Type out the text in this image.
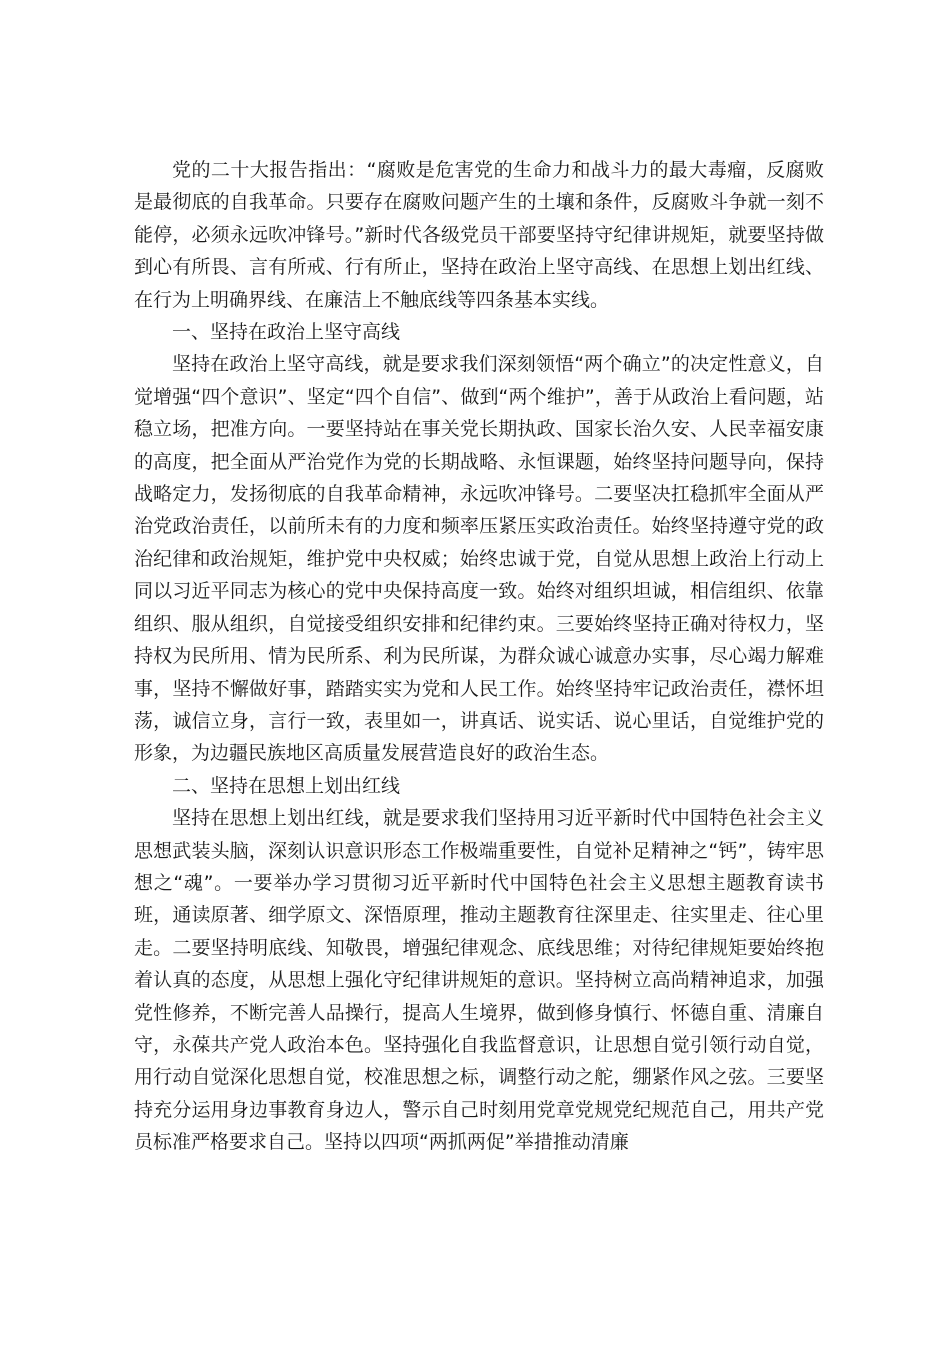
党的二十大报告指出：“腐败是危害党的生命力和战斗力的最大毒瘤，反腐败是最彻底的自我革命。只要存在腐败问题产生的土壤和条件，反腐败斗争就一刻不能停，必须永远吹冲锋号。”新时代各级党员干部要坚持守纪律讲规矩，就要坚持做到心有所畏、言有所戒、行有所止，坚持在政治上坚守高线、在思想上划出红线、在行为上明确界线、在廉洁上不触底线等四条基本实线。

一、坚持在政治上坚守高线

坚持在政治上坚守高线，就是要求我们深刻领悟“两个确立”的决定性意义，自觉增强“四个意识”、坚定“四个自信”、做到“两个维护”，善于从政治上看问题，站稳立场，把准方向。一要坚持站在事关党长期执政、国家长治久安、人民幸福安康的高度，把全面从严治党作为党的长期战略、永恒课题，始终坚持问题导向，保持战略定力，发扬彻底的自我革命精神，永远吹冲锋号。二要坚决扛稳抓牢全面从严治党政治责任，以前所未有的力度和频率压紧压实政治责任。始终坚持遵守党的政治纪律和政治规矩，维护党中央权威；始终忠诚于党，自觉从思想上政治上行动上同以习近平同志为核心的党中央保持高度一致。始终对组织坦诚，相信组织、依靠组织、服从组织，自觉接受组织安排和纪律约束。三要始终坚持正确对待权力，坚持权为民所用、情为民所系、利为民所谋，为群众诚心诚意办实事，尽心竭力解难事，坚持不懈做好事，踏踏实实为党和人民工作。始终坚持牢记政治责任，襟怀坦荡，诚信立身，言行一致，表里如一，讲真话、说实话、说心里话，自觉维护党的形象，为边疆民族地区高质量发展营造良好的政治生态。

二、坚持在思想上划出红线

坚持在思想上划出红线，就是要求我们坚持用习近平新时代中国特色社会主义思想武装头脑，深刻认识意识形态工作极端重要性，自觉补足精神之“钙”，铸牢思想之“魂”。一要举办学习贯彻习近平新时代中国特色社会主义思想主题教育读书班，通读原著、细学原文、深悟原理，推动主题教育往深里走、往实里走、往心里走。二要坚持明底线、知敬畏，增强纪律观念、底线思维；对待纪律规矩要始终抱着认真的态度，从思想上强化守纪律讲规矩的意识。坚持树立高尚精神追求，加强党性修养，不断完善人品操行，提高人生境界，做到修身慎行、怀德自重、清廉自守，永葆共产党人政治本色。坚持强化自我监督意识，让思想自觉引领行动自觉，用行动自觉深化思想自觉，校准思想之标，调整行动之舵，绷紧作风之弦。三要坚持充分运用身边事教育身边人，警示自己时刻用党章党规党纪规范自己，用共产党员标准严格要求自己。坚持以四项“两抓两促”举措推动清廉
